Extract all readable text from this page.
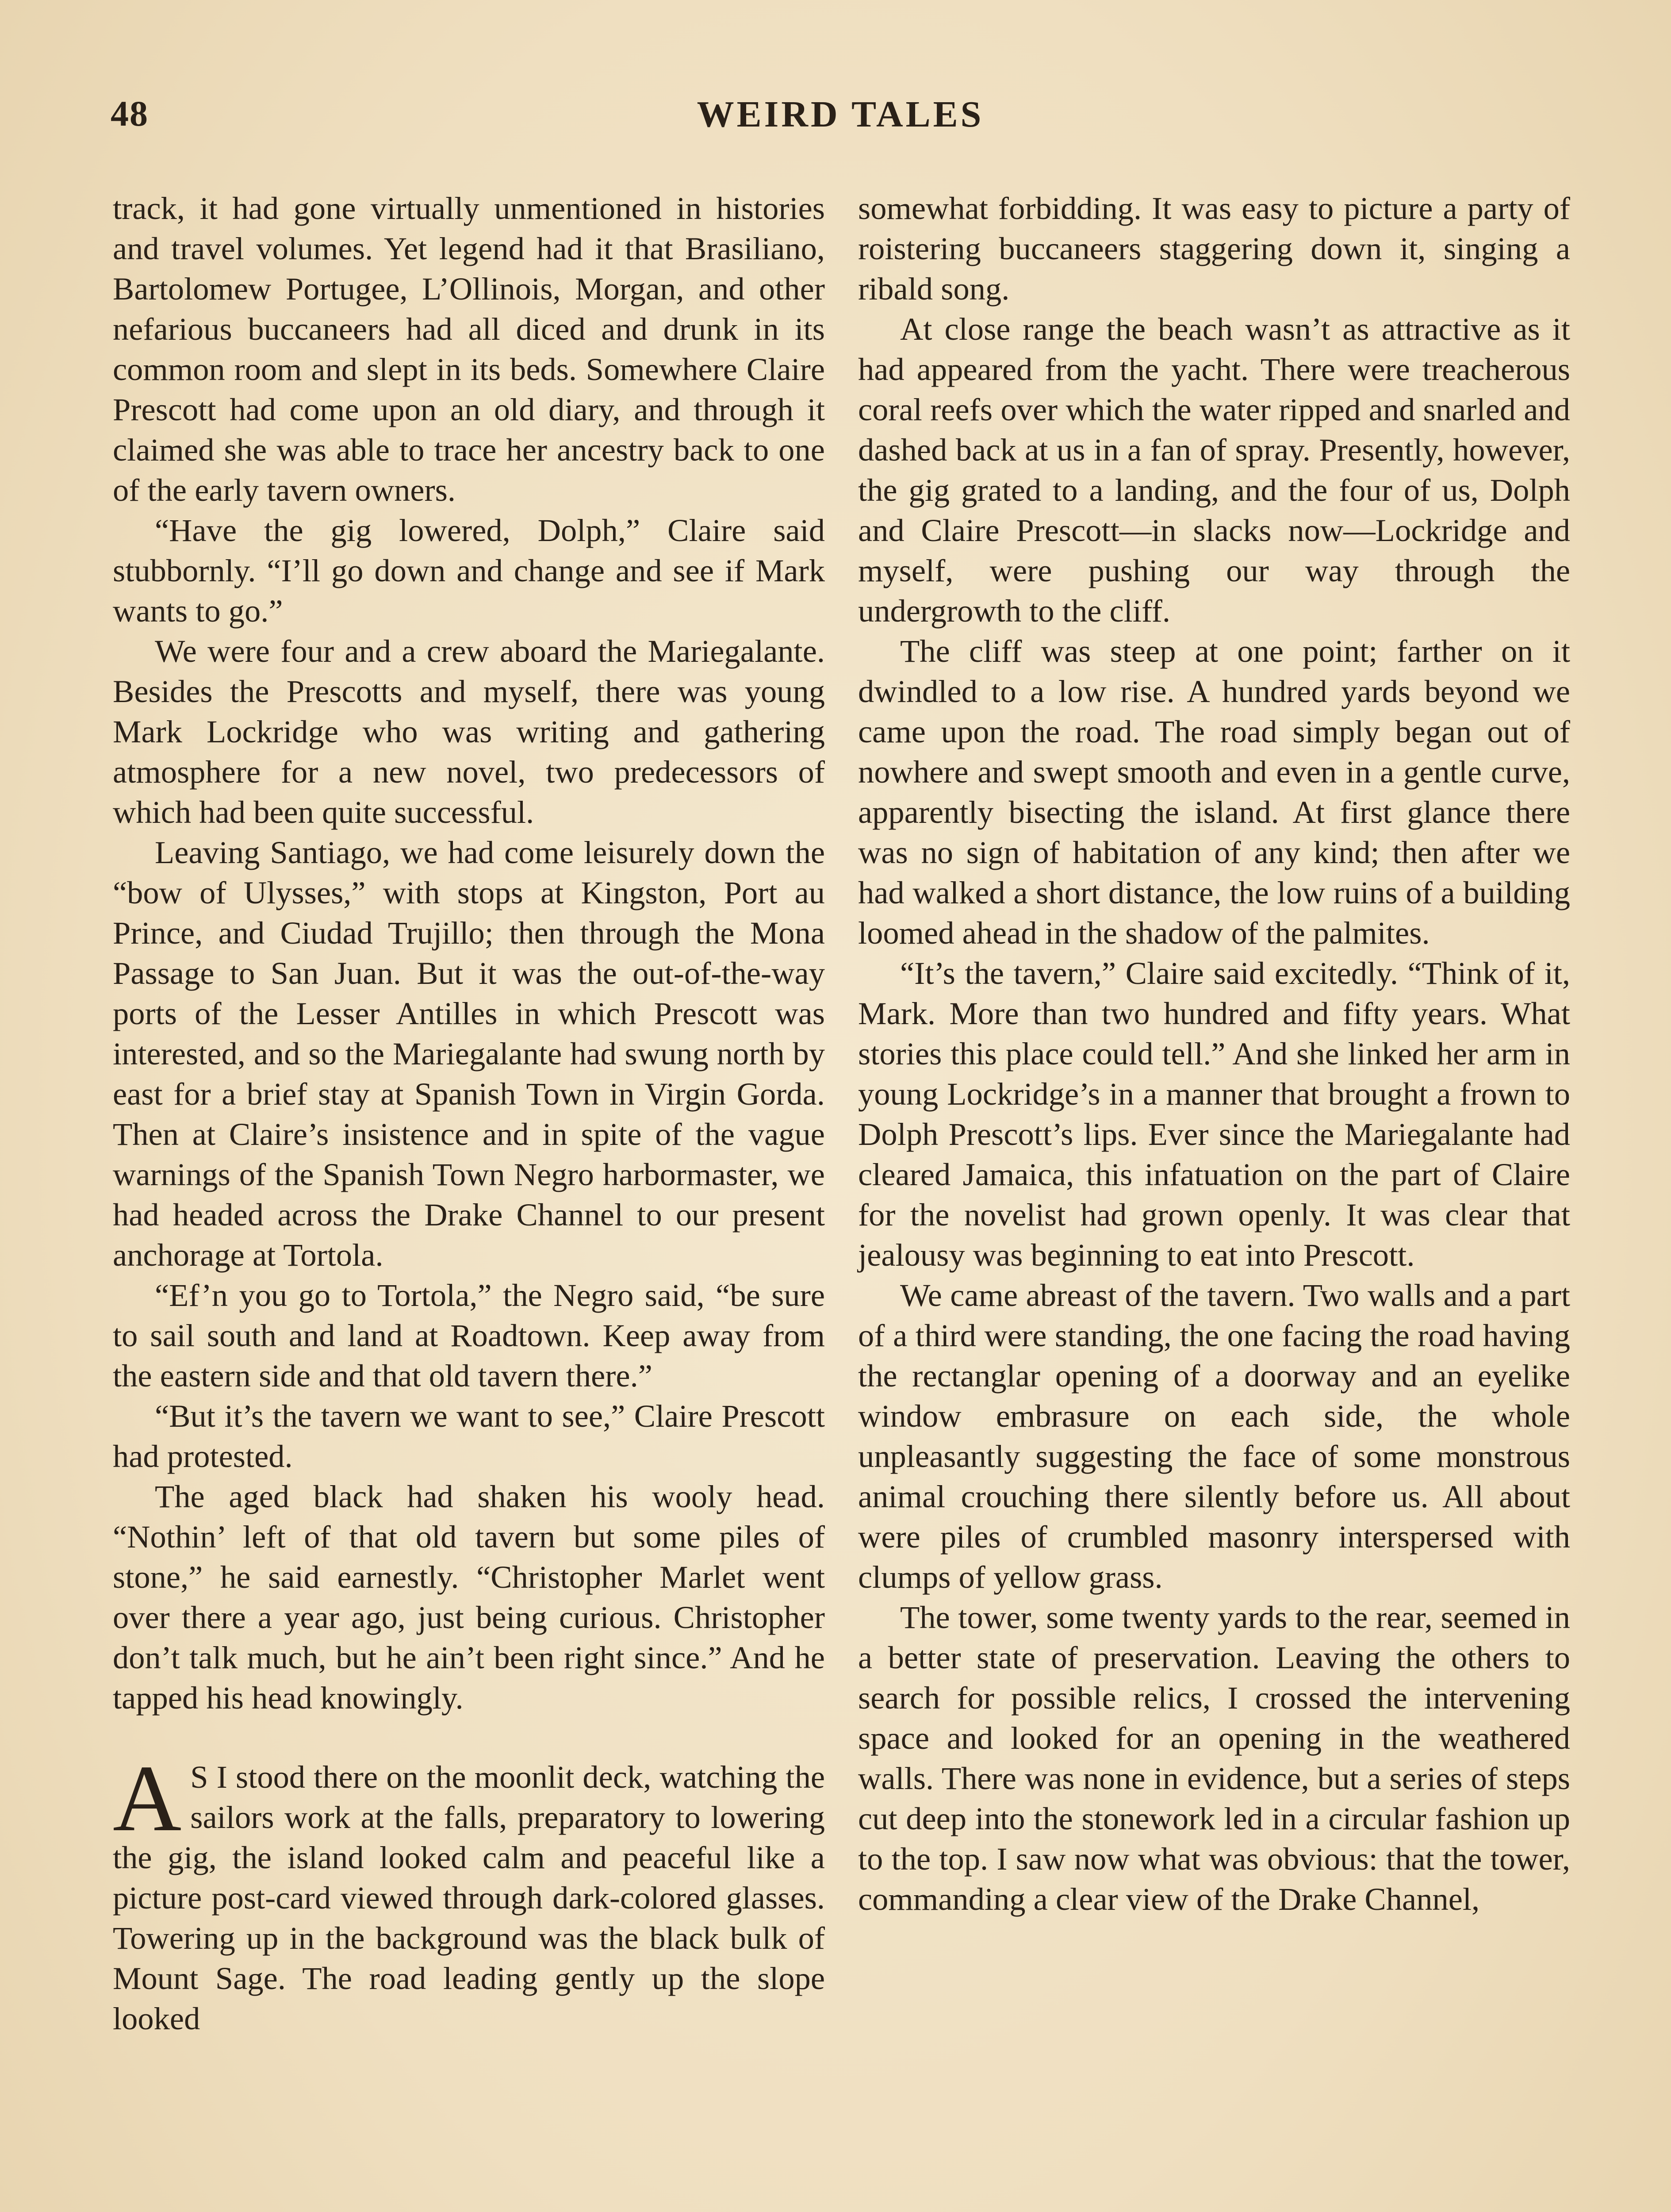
48	WEIRD TALES

track, it had gone virtually unmentioned in histories and travel volumes. Yet legend had it that Brasiliano, Bartolomew Portugee, L’Ollinois, Morgan, and other nefarious buccaneers had all diced and drunk in its common room and slept in its beds. Somewhere Claire Prescott had come upon an old diary, and through it claimed she was able to trace her ancestry back to one of the early tavern owners.

“Have the gig lowered, Dolph,” Claire said stubbornly. “I’ll go down and change and see if Mark wants to go.”

We were four and a crew aboard the Mariegalante. Besides the Prescotts and myself, there was young Mark Lockridge who was writing and gathering atmosphere for a new novel, two predecessors of which had been quite successful.

Leaving Santiago, we had come leisurely down the “bow of Ulysses,” with stops at Kingston, Port au Prince, and Ciudad Trujillo; then through the Mona Passage to San Juan. But it was the out-of-the-way ports of the Lesser Antilles in which Prescott was interested, and so the Mariegalante had swung north by east for a brief stay at Spanish Town in Virgin Gorda. Then at Claire’s insistence and in spite of the vague warnings of the Spanish Town Negro harbormaster, we had headed across the Drake Channel to our present anchorage at Tortola.

“Ef’n you go to Tortola,” the Negro said, “be sure to sail south and land at Roadtown. Keep away from the eastern side and that old tavern there.”

“But it’s the tavern we want to see,” Claire Prescott had protested.

The aged black had shaken his wooly head. “Nothin’ left of that old tavern but some piles of stone,” he said earnestly. “Christopher Marlet went over there a year ago, just being curious. Christopher don’t talk much, but he ain’t been right since.” And he tapped his head knowingly.

A S I stood there on the moonlit deck, watching the sailors work at the falls, preparatory to lowering the gig, the island looked calm and peaceful like a picture post-card viewed through dark-colored glasses. Towering up in the background was the black bulk of Mount Sage. The road leading gently up the slope looked

somewhat forbidding. It was easy to picture a party of roistering buccaneers staggering down it, singing a ribald song.

At close range the beach wasn’t as attractive as it had appeared from the yacht. There were treacherous coral reefs over which the water ripped and snarled and dashed back at us in a fan of spray. Presently, however, the gig grated to a landing, and the four of us, Dolph and Claire Prescott—in slacks now—Lockridge and myself, were pushing our way through the undergrowth to the cliff.

The cliff was steep at one point; farther on it dwindled to a low rise. A hundred yards beyond we came upon the road. The road simply began out of nowhere and swept smooth and even in a gentle curve, apparently bisecting the island. At first glance there was no sign of habitation of any kind; then after we had walked a short distance, the low ruins of a building loomed ahead in the shadow of the palmites.

“It’s the tavern,” Claire said excitedly. “Think of it, Mark. More than two hundred and fifty years. What stories this place could tell.” And she linked her arm in young Lockridge’s in a manner that brought a frown to Dolph Prescott’s lips. Ever since the Mariegalante had cleared Jamaica, this infatuation on the part of Claire for the novelist had grown openly. It was clear that jealousy was beginning to eat into Prescott.

We came abreast of the tavern. Two walls and a part of a third were standing, the one facing the road having the rectanglar opening of a doorway and an eyelike window embrasure on each side, the whole unpleasantly suggesting the face of some monstrous animal crouching there silently before us. All about were piles of crumbled masonry interspersed with clumps of yellow grass.

The tower, some twenty yards to the rear, seemed in a better state of preservation. Leaving the others to search for possible relics, I crossed the intervening space and looked for an opening in the weathered walls. There was none in evidence, but a series of steps cut deep into the stonework led in a circular fashion up to the top. I saw now what was obvious: that the tower, commanding a clear view of the Drake Channel,
